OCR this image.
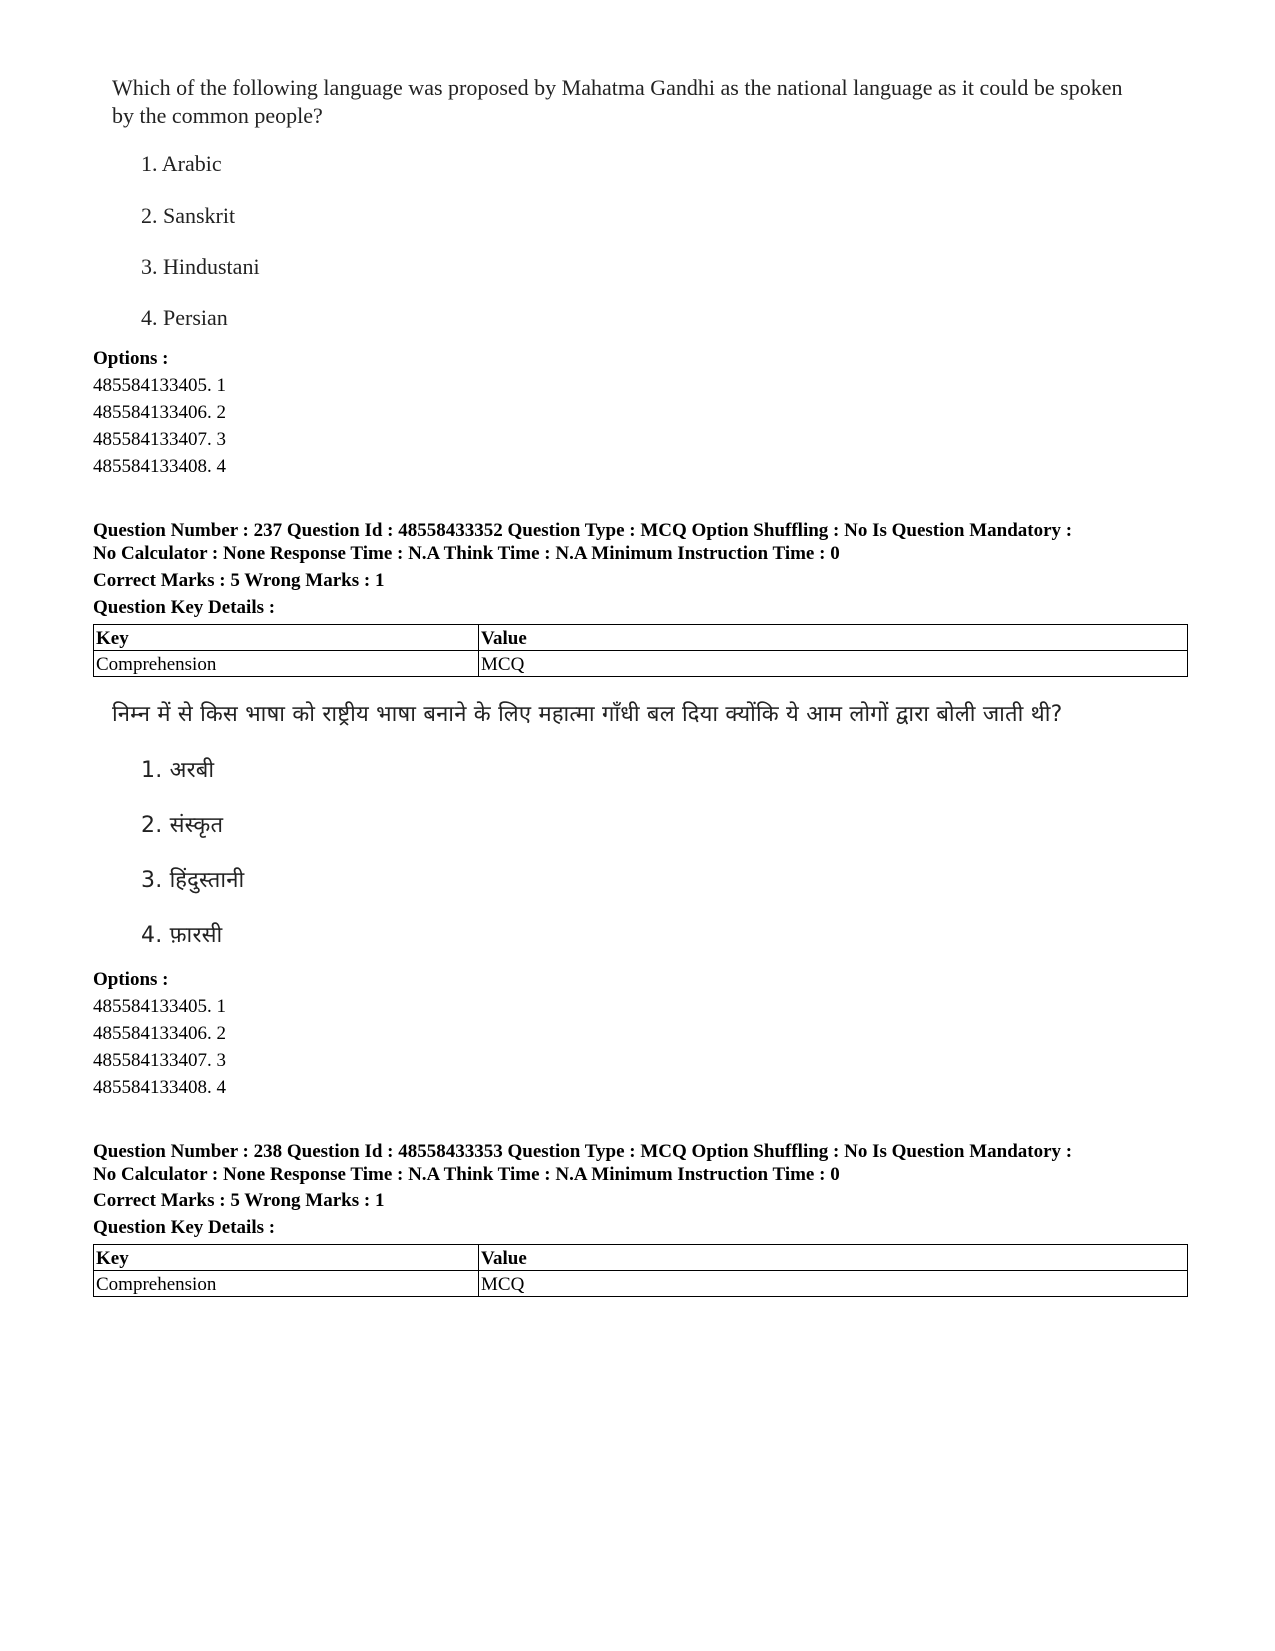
Which of the following language was proposed by Mahatma Gandhi as the national language as it could be spoken by the common people?
1. Arabic
2. Sanskrit
3. Hindustani
4. Persian
Options :
485584133405. 1
485584133406. 2
485584133407. 3
485584133408. 4
Question Number : 237 Question Id : 48558433352 Question Type : MCQ Option Shuffling : No Is Question Mandatory :
No Calculator : None Response Time : N.A Think Time : N.A Minimum Instruction Time : 0
Correct Marks : 5 Wrong Marks : 1
Question Key Details :
Key	Value
Comprehension	MCQ
निम्न में से किस भाषा को राष्ट्रीय भाषा बनाने के लिए महात्मा गाँधी बल दिया क्योंकि ये आम लोगों द्वारा बोली जाती थी?
1. अरबी
2. संस्कृत
3. हिंदुस्तानी
4. फ़ारसी
Options :
485584133405. 1
485584133406. 2
485584133407. 3
485584133408. 4
Question Number : 238 Question Id : 48558433353 Question Type : MCQ Option Shuffling : No Is Question Mandatory :
No Calculator : None Response Time : N.A Think Time : N.A Minimum Instruction Time : 0
Correct Marks : 5 Wrong Marks : 1
Question Key Details :
Key	Value
Comprehension	MCQ
